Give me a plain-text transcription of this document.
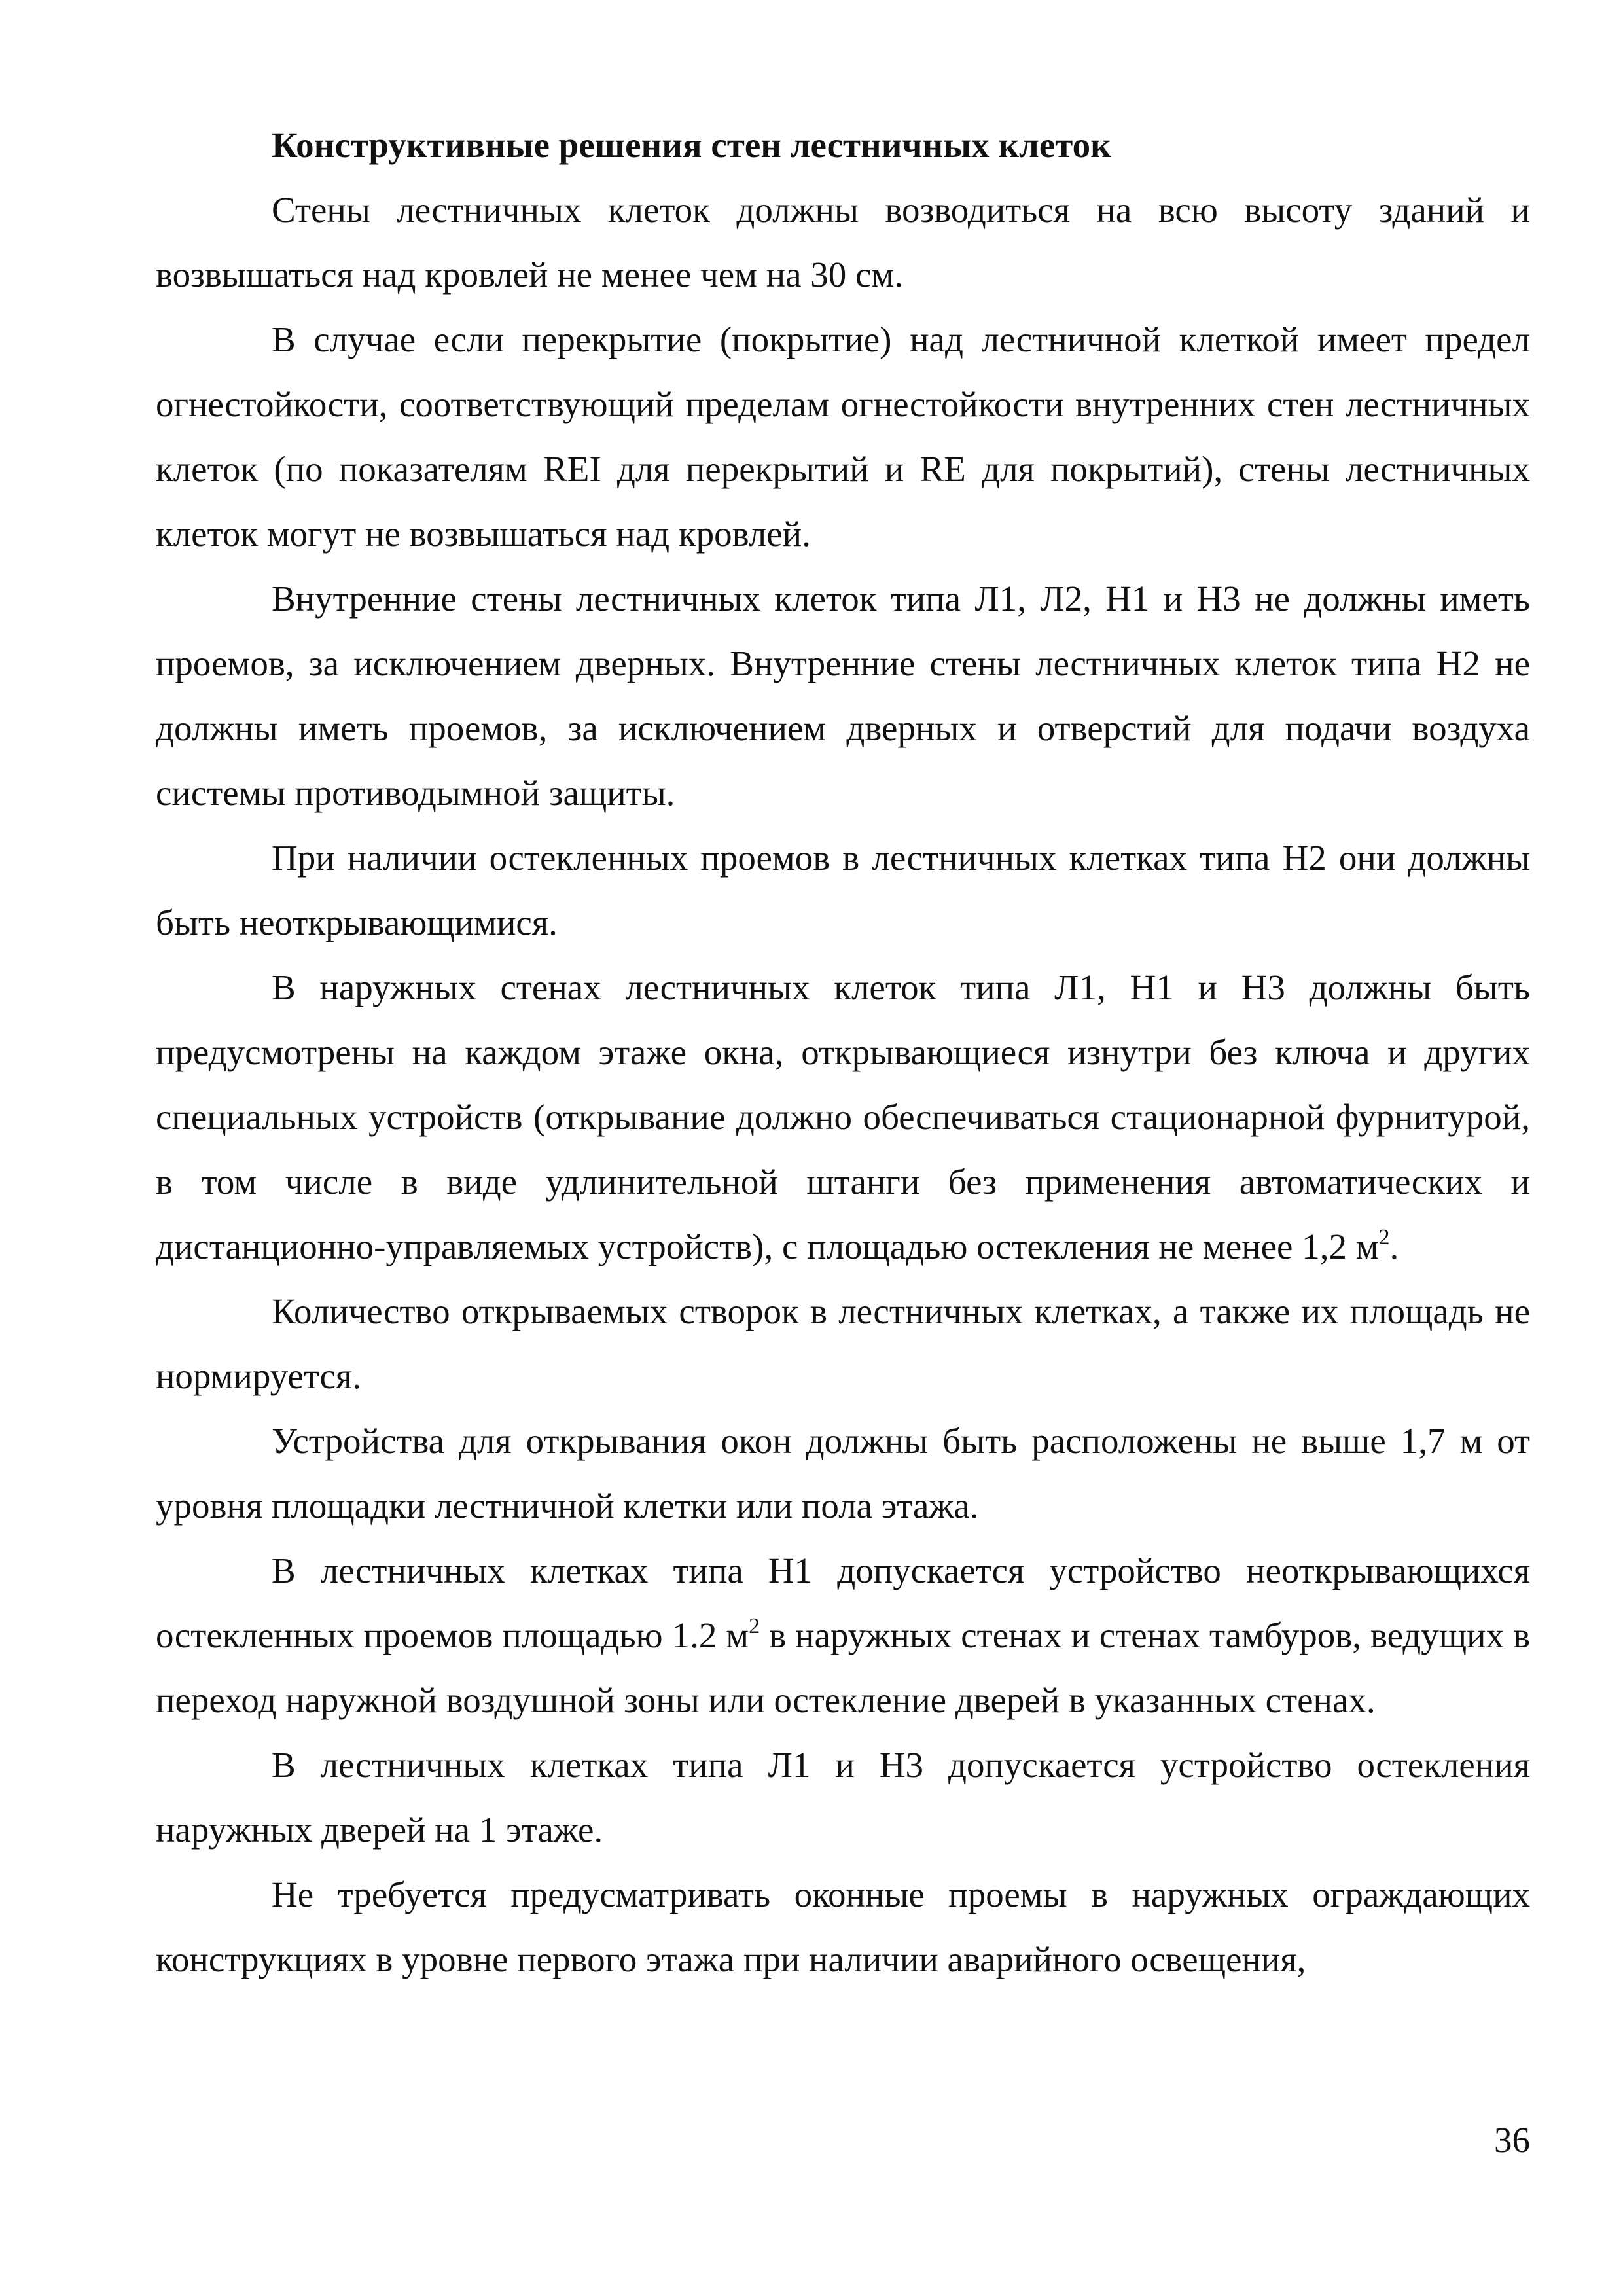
Конструктивные решения стен лестничных клеток

Стены лестничных клеток должны возводиться на всю высоту зданий и возвышаться над кровлей не менее чем на 30 см.

В случае если перекрытие (покрытие) над лестничной клеткой имеет предел огнестойкости, соответствующий пределам огнестойкости внутренних стен лестничных клеток (по показателям REI для перекрытий и RE для покрытий), стены лестничных клеток могут не возвышаться над кровлей.

Внутренние стены лестничных клеток типа Л1, Л2, Н1 и Н3 не должны иметь проемов, за исключением дверных. Внутренние стены лестничных клеток типа Н2 не должны иметь проемов, за исключением дверных и отверстий для подачи воздуха системы противодымной защиты.

При наличии остекленных проемов в лестничных клетках типа Н2 они должны быть неоткрывающимися.

В наружных стенах лестничных клеток типа Л1, Н1 и Н3 должны быть предусмотрены на каждом этаже окна, открывающиеся изнутри без ключа и других специальных устройств (открывание должно обеспечиваться стационарной фурнитурой, в том числе в виде удлинительной штанги без применения автоматических и дистанционно-управляемых устройств), с площадью остекления не менее 1,2 $м^2$.

Количество открываемых створок в лестничных клетках, а также их площадь не нормируется.

Устройства для открывания окон должны быть расположены не выше 1,7 м от уровня площадки лестничной клетки или пола этажа.

В лестничных клетках типа Н1 допускается устройство неоткрывающихся остекленных проемов площадью 1.2 $м^2$ в наружных стенах и стенах тамбуров, ведущих в переход наружной воздушной зоны или остекление дверей в указанных стенах.

В лестничных клетках типа Л1 и Н3 допускается устройство остекления наружных дверей на 1 этаже.

Не требуется предусматривать оконные проемы в наружных ограждающих конструкциях в уровне первого этажа при наличии аварийного освещения,

36
